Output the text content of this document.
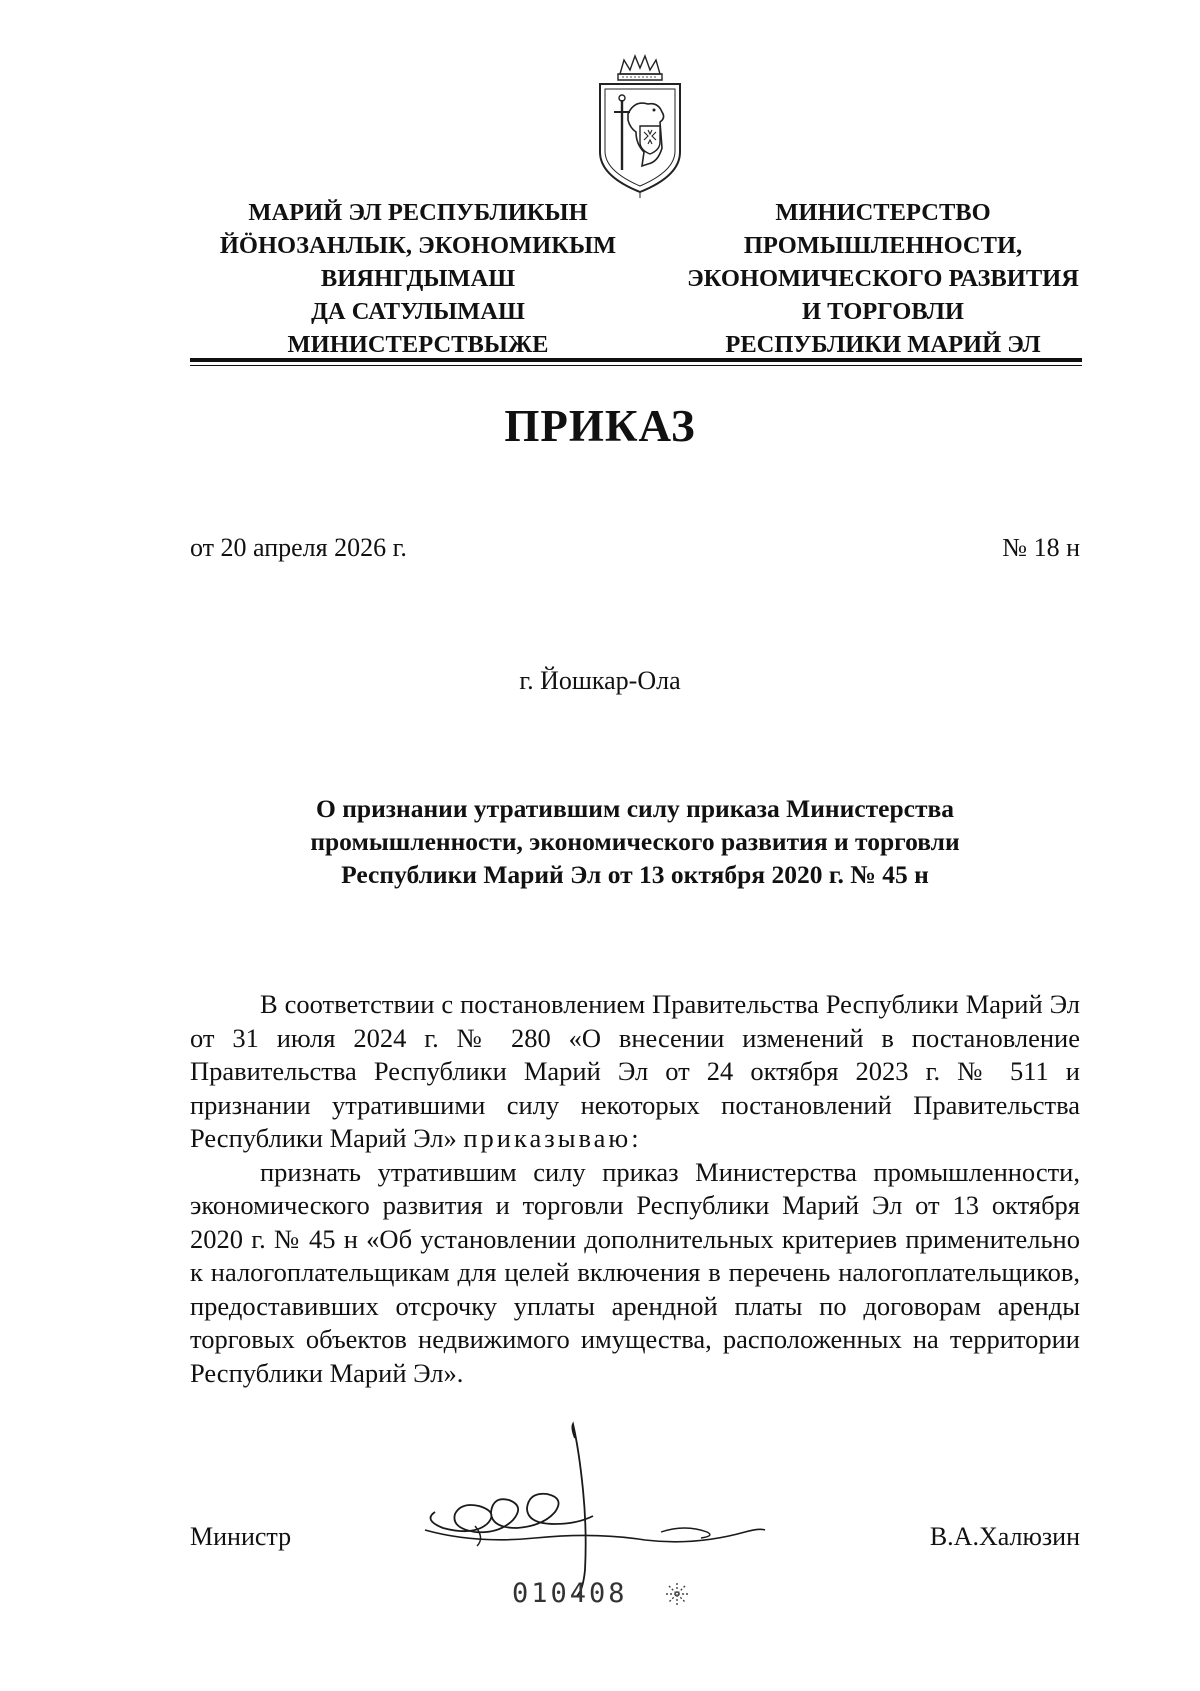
МАРИЙ ЭЛ РЕСПУБЛИКЫН
ЙӦНОЗАНЛЫК, ЭКОНОМИКЫМ
ВИЯНГДЫМАШ
ДА САТУЛЫМАШ
МИНИСТЕРСТВЫЖЕ
МИНИСТЕРСТВО
ПРОМЫШЛЕННОСТИ,
ЭКОНОМИЧЕСКОГО РАЗВИТИЯ
И ТОРГОВЛИ
РЕСПУБЛИКИ МАРИЙ ЭЛ
ПРИКАЗ
от 20 апреля 2026 г.	№ 18 н
г. Йошкар-Ола
О признании утратившим силу приказа Министерства
промышленности, экономического развития и торговли
Республики Марий Эл от 13 октября 2020 г. № 45 н

В соответствии с постановлением Правительства Республики Марий Эл от 31 июля 2024 г. № 280 «О внесении изменений в постановление Правительства Республики Марий Эл от 24 октября 2023 г. № 511 и признании утратившими силу некоторых постановлений Правительства Республики Марий Эл» приказываю:

признать утратившим силу приказ Министерства промышленности, экономического развития и торговли Республики Марий Эл от 13 октября 2020 г. № 45 н «Об установлении дополнительных критериев применительно к налогоплательщикам для целей включения в перечень налогоплательщиков, предоставивших отсрочку уплаты арендной платы по договорам аренды торговых объектов недвижимого имущества, расположенных на территории Республики Марий Эл».

Министр	В.А.Халюзин
010408
